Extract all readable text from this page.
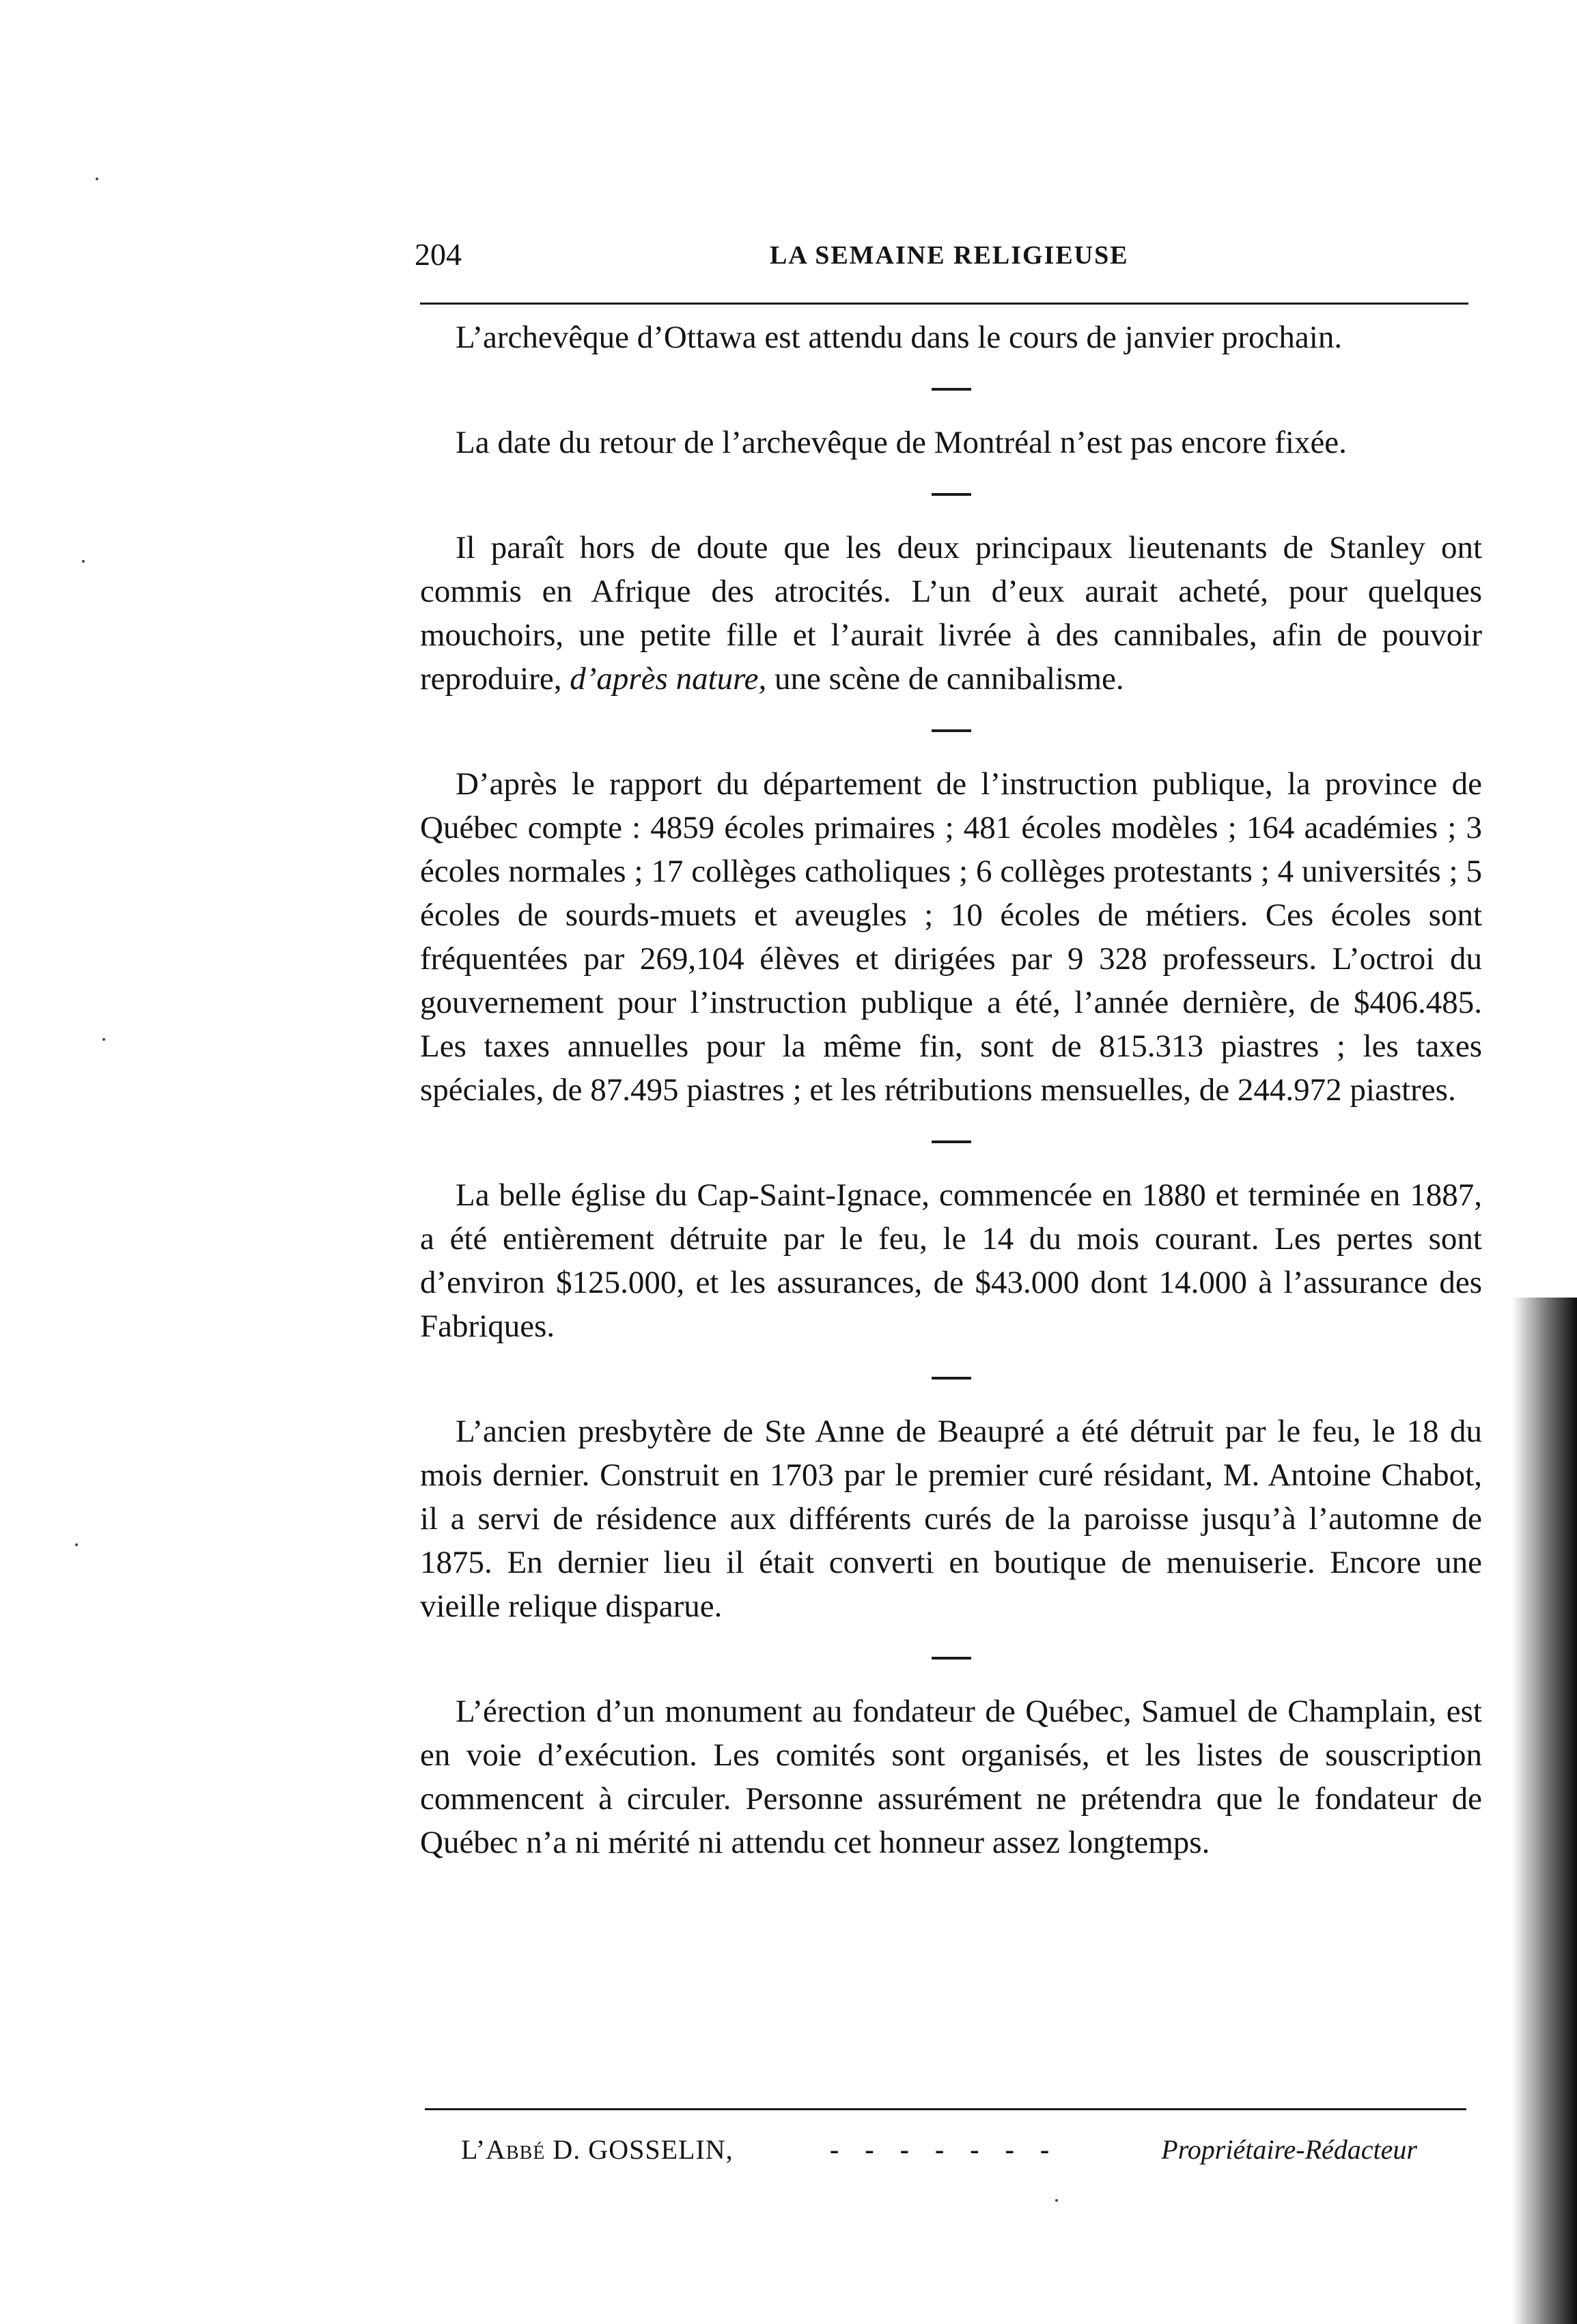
204	LA SEMAINE RELIGIEUSE

L’archevêque d’Ottawa est attendu dans le cours de janvier prochain.

La date du retour de l’archevêque de Montréal n’est pas encore fixée.

Il paraît hors de doute que les deux principaux lieutenants de Stanley ont commis en Afrique des atrocités. L’un d’eux aurait acheté, pour quelques mouchoirs, une petite fille et l’aurait livrée à des cannibales, afin de pouvoir reproduire, d’après nature, une scène de cannibalisme.

D’après le rapport du département de l’instruction publique, la province de Québec compte : 4859 écoles primaires ; 481 écoles modèles ; 164 académies ; 3 écoles normales ; 17 collèges catholiques ; 6 collèges protestants ; 4 universités ; 5 écoles de sourds-muets et aveugles ; 10 écoles de métiers. Ces écoles sont fréquentées par 269,104 élèves et dirigées par 9 328 professeurs. L’octroi du gouvernement pour l’instruction publique a été, l’année dernière, de $406.485. Les taxes annuelles pour la même fin, sont de 815.313 piastres ; les taxes spéciales, de 87.495 piastres ; et les rétributions mensuelles, de 244.972 piastres.

La belle église du Cap-Saint-Ignace, commencée en 1880 et terminée en 1887, a été entièrement détruite par le feu, le 14 du mois courant. Les pertes sont d’environ $125.000, et les assurances, de $43.000 dont 14.000 à l’assurance des Fabriques.

L’ancien presbytère de Ste Anne de Beaupré a été détruit par le feu, le 18 du mois dernier. Construit en 1703 par le premier curé résidant, M. Antoine Chabot, il a servi de résidence aux différents curés de la paroisse jusqu’à l’automne de 1875. En dernier lieu il était converti en boutique de menuiserie. Encore une vieille relique disparue.

L’érection d’un monument au fondateur de Québec, Samuel de Champlain, est en voie d’exécution. Les comités sont organisés, et les listes de souscription commencent à circuler. Personne assurément ne prétendra que le fondateur de Québec n’a ni mérité ni attendu cet honneur assez longtemps.

L’Abbé D. GOSSELIN,	- - - - - - -	Propriétaire-Rédacteur
